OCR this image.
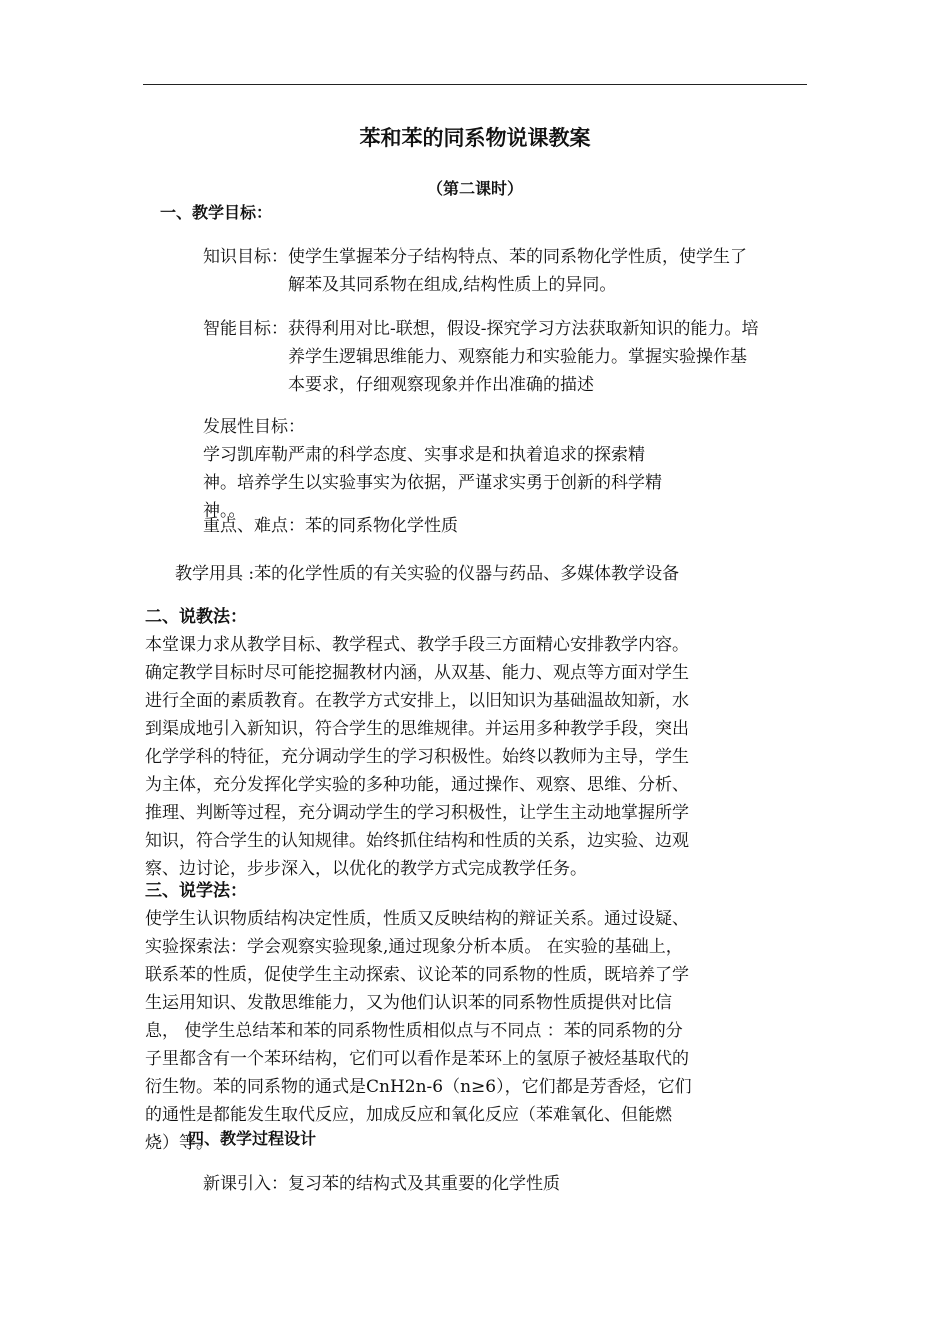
苯和苯的同系物说课教案
（第二课时）
一、教学目标：
知识目标：使学生掌握苯分子结构特点、苯的同系物化学性质，使学生了解苯及其同系物在组成,结构性质上的异同。
智能目标：获得利用对比-联想，假设-探究学习方法获取新知识的能力。培养学生逻辑思维能力、观察能力和实验能力。掌握实验操作基本要求，仔细观察现象并作出准确的描述
发展性目标：学习凯库勒严肃的科学态度、实事求是和执着追求的探索精神。培养学生以实验事实为依据，严谨求实勇于创新的科学精神。。
重点、难点：苯的同系物化学性质
教学用具 :苯的化学性质的有关实验的仪器与药品、多媒体教学设备
二、说教法：本堂课力求从教学目标、教学程式、教学手段三方面精心安排教学内容。确定教学目标时尽可能挖掘教材内涵，从双基、能力、观点等方面对学生进行全面的素质教育。在教学方式安排上，以旧知识为基础温故知新，水到渠成地引入新知识，符合学生的思维规律。并运用多种教学手段，突出化学学科的特征，充分调动学生的学习积极性。始终以教师为主导，学生为主体，充分发挥化学实验的多种功能，通过操作、观察、思维、分析、推理、判断等过程，充分调动学生的学习积极性，让学生主动地掌握所学知识，符合学生的认知规律。始终抓住结构和性质的关系，边实验、边观察、边讨论，步步深入，以优化的教学方式完成教学任务。
三、说学法：使学生认识物质结构决定性质，性质又反映结构的辩证关系。通过设疑、实验探索法：学会观察实验现象,通过现象分析本质。 在实验的基础上，联系苯的性质，促使学生主动探索、议论苯的同系物的性质，既培养了学生运用知识、发散思维能力，又为他们认识苯的同系物性质提供对比信息， 使学生总结苯和苯的同系物性质相似点与不同点 ：苯的同系物的分子里都含有一个苯环结构，它们可以看作是苯环上的氢原子被烃基取代的衍生物。苯的同系物的通式是CnH2n-6（n≥6），它们都是芳香烃，它们的通性是都能发生取代反应，加成反应和氧化反应（苯难氧化、但能燃烧）等。
四、教学过程设计
新课引入：复习苯的结构式及其重要的化学性质
